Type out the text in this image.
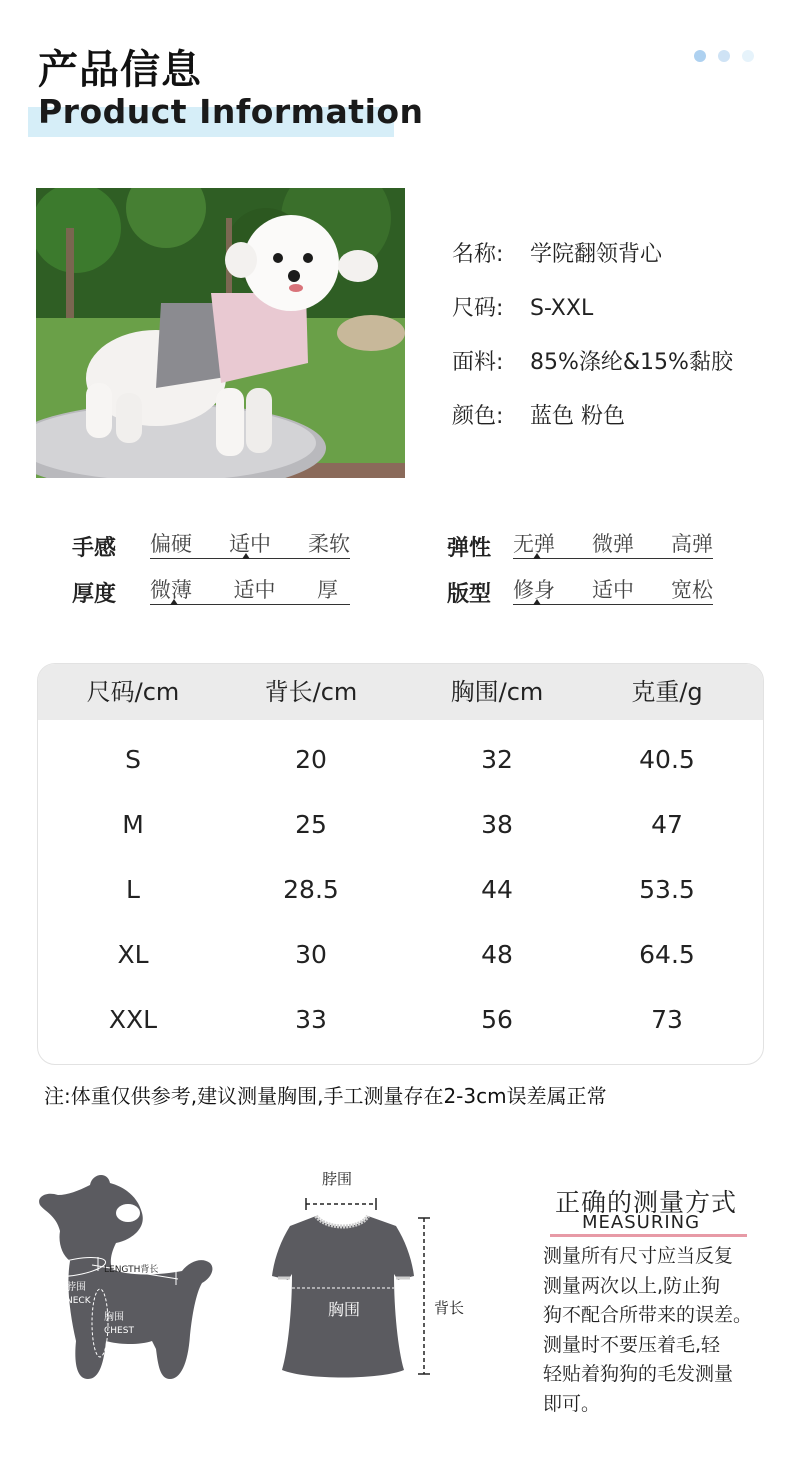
产品信息
Product Information
名称:	学院翻领背心
尺码:	S-XXL
面料:	85%涤纶&15%黏胶
颜色:	蓝色 粉色
手感 偏硬 适中 柔软
厚度 微薄 适中 厚
弹性 无弹 微弹 高弹
版型 修身 适中 宽松
尺码/cm	背长/cm	胸围/cm	克重/g
S	20	32	40.5
M	25	38	47
L	28.5	44	53.5
XL	30	48	64.5
XXL	33	56	73
注:体重仅供参考,建议测量胸围,手工测量存在2-3cm误差属正常
LENGTH背长
脖围
NECK
胸围
CHEST
脖围
胸围	背长
正确的测量方式
MEASURING
测量所有尺寸应当反复
测量两次以上,防止狗
狗不配合所带来的误差。
测量时不要压着毛,轻
轻贴着狗狗的毛发测量
即可。
